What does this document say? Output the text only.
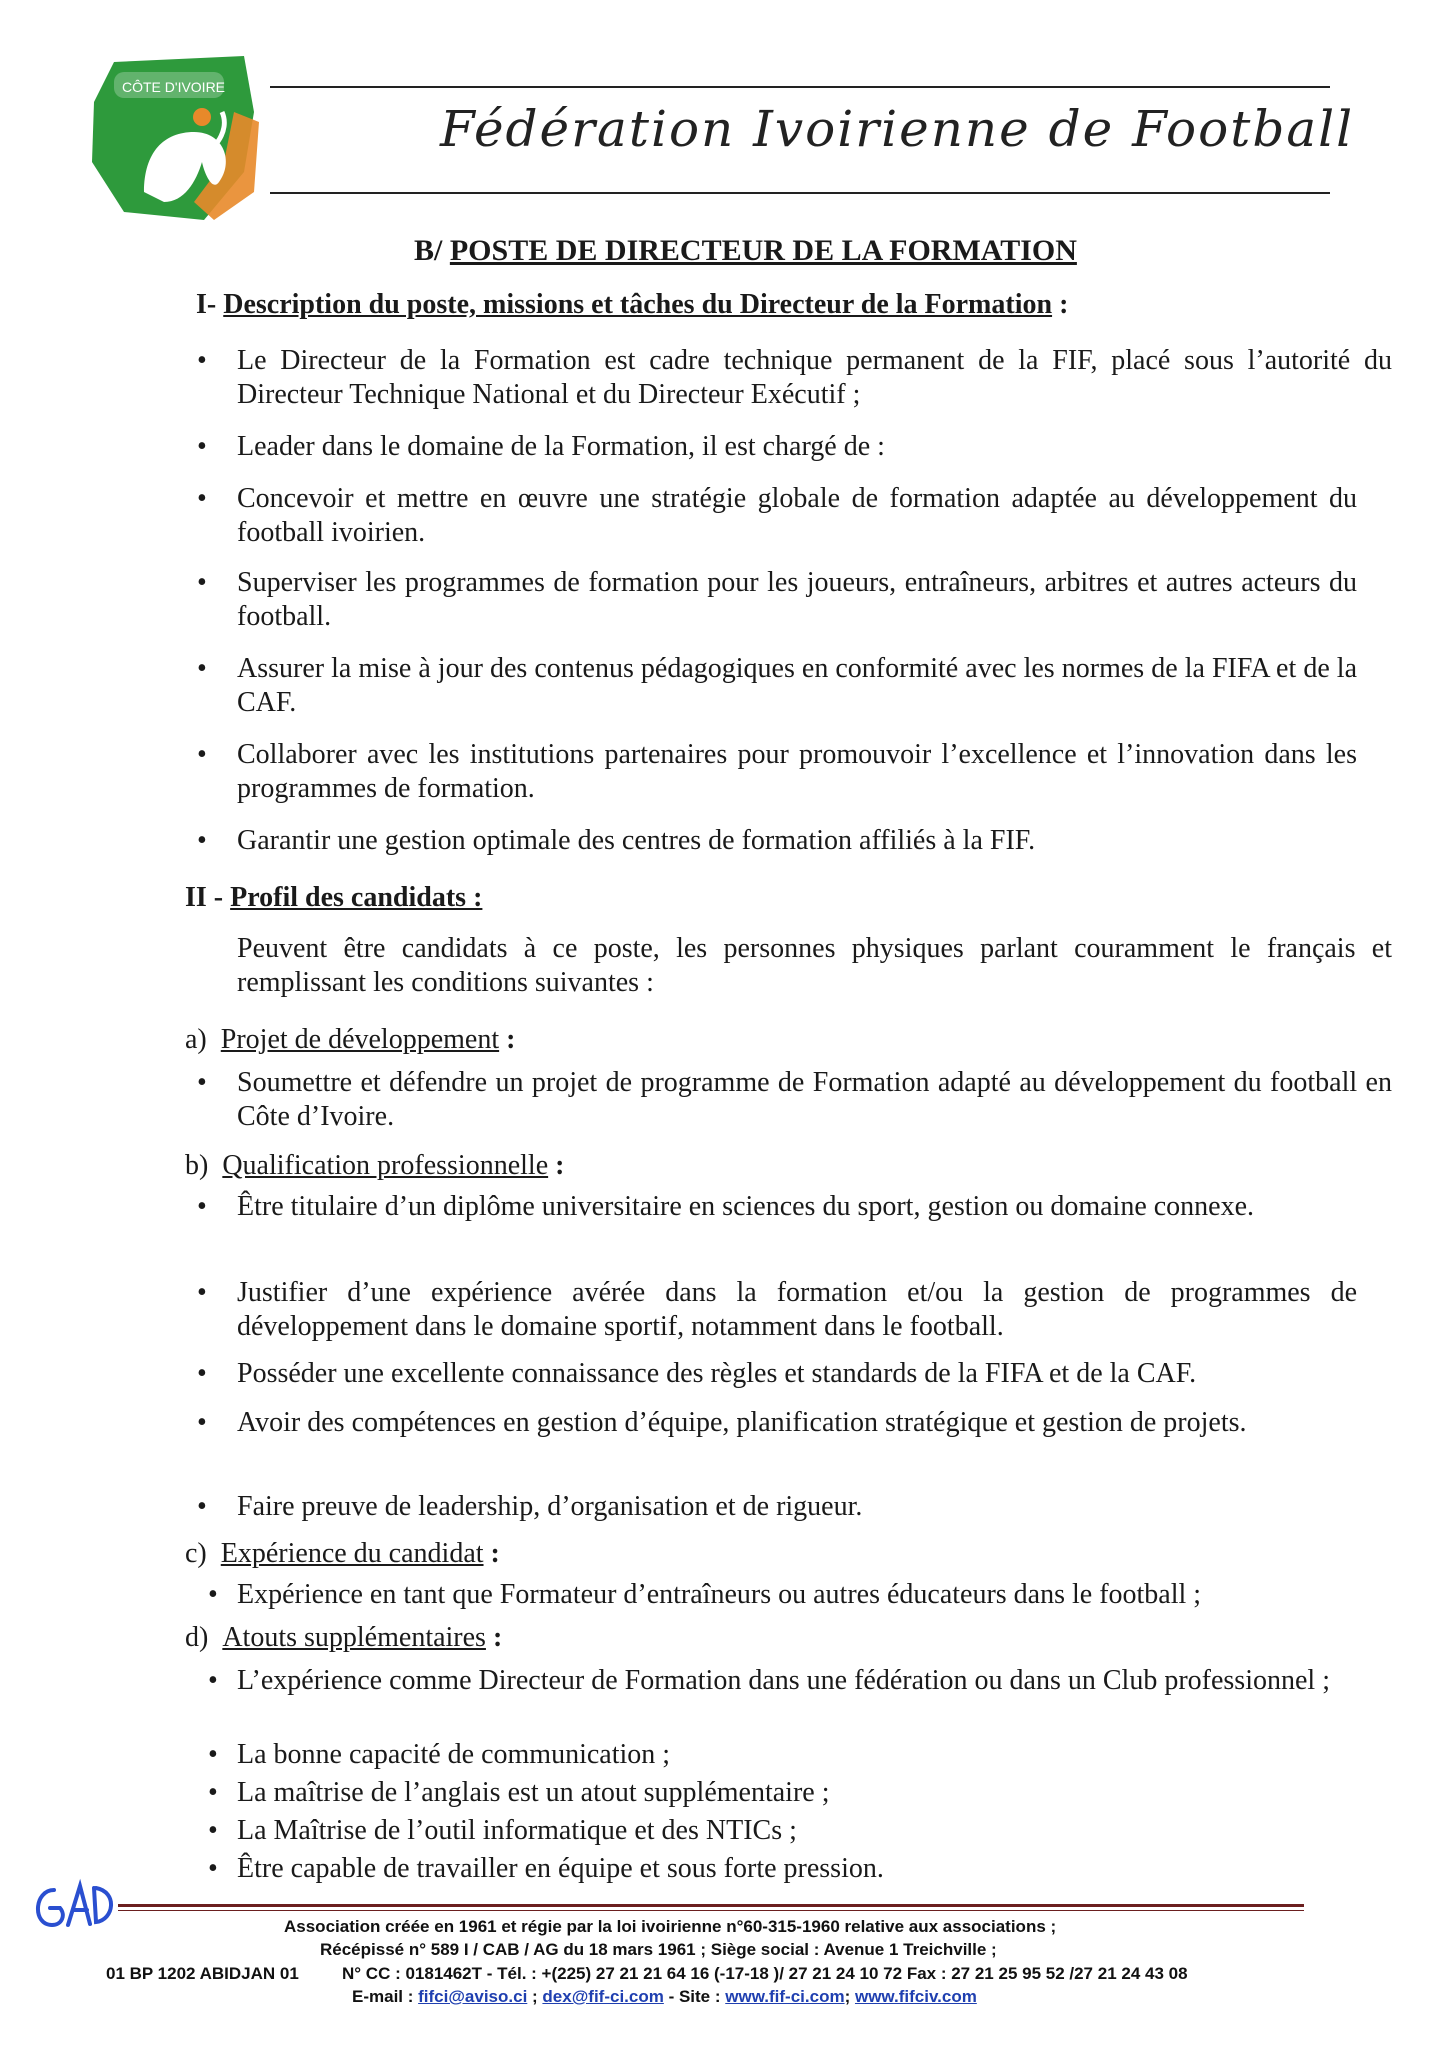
CÔTE D'IVOIRE
Fédération Ivoirienne de Football
B/ POSTE DE DIRECTEUR DE LA FORMATION
I- Description du poste, missions et tâches du Directeur de la Formation :
• Le Directeur de la Formation est cadre technique permanent de la FIF, placé sous l’autorité du Directeur Technique National et du Directeur Exécutif ;
• Leader dans le domaine de la Formation, il est chargé de :
• Concevoir et mettre en œuvre une stratégie globale de formation adaptée au développement du football ivoirien.
• Superviser les programmes de formation pour les joueurs, entraîneurs, arbitres et autres acteurs du football.
• Assurer la mise à jour des contenus pédagogiques en conformité avec les normes de la FIFA et de la CAF.
• Collaborer avec les institutions partenaires pour promouvoir l’excellence et l’innovation dans les programmes de formation.
• Garantir une gestion optimale des centres de formation affiliés à la FIF.
II - Profil des candidats :
Peuvent être candidats à ce poste, les personnes physiques parlant couramment le français et remplissant les conditions suivantes :
a) Projet de développement :
• Soumettre et défendre un projet de programme de Formation adapté au développement du football en Côte d’Ivoire.
b) Qualification professionnelle :
• Être titulaire d’un diplôme universitaire en sciences du sport, gestion ou domaine connexe.
• Justifier d’une expérience avérée dans la formation et/ou la gestion de programmes de développement dans le domaine sportif, notamment dans le football.
• Posséder une excellente connaissance des règles et standards de la FIFA et de la CAF.
• Avoir des compétences en gestion d’équipe, planification stratégique et gestion de projets.
• Faire preuve de leadership, d’organisation et de rigueur.
c) Expérience du candidat :
• Expérience en tant que Formateur d’entraîneurs ou autres éducateurs dans le football ;
d) Atouts supplémentaires :
• L’expérience comme Directeur de Formation dans une fédération ou dans un Club professionnel ;
• La bonne capacité de communication ;
• La maîtrise de l’anglais est un atout supplémentaire ;
• La Maîtrise de l’outil informatique et des NTICs ;
• Être capable de travailler en équipe et sous forte pression.
Association créée en 1961 et régie par la loi ivoirienne n°60-315-1960 relative aux associations ;
Récépissé n° 589 I / CAB / AG du 18 mars 1961 ; Siège social : Avenue 1 Treichville ;
01 BP 1202 ABIDJAN 01	N° CC : 0181462T - Tél. : +(225) 27 21 21 64 16 (-17-18 )/ 27 21 24 10 72 Fax : 27 21 25 95 52 /27 21 24 43 08
E-mail : fifci@aviso.ci ; dex@fif-ci.com - Site : www.fif-ci.com; www.fifciv.com
